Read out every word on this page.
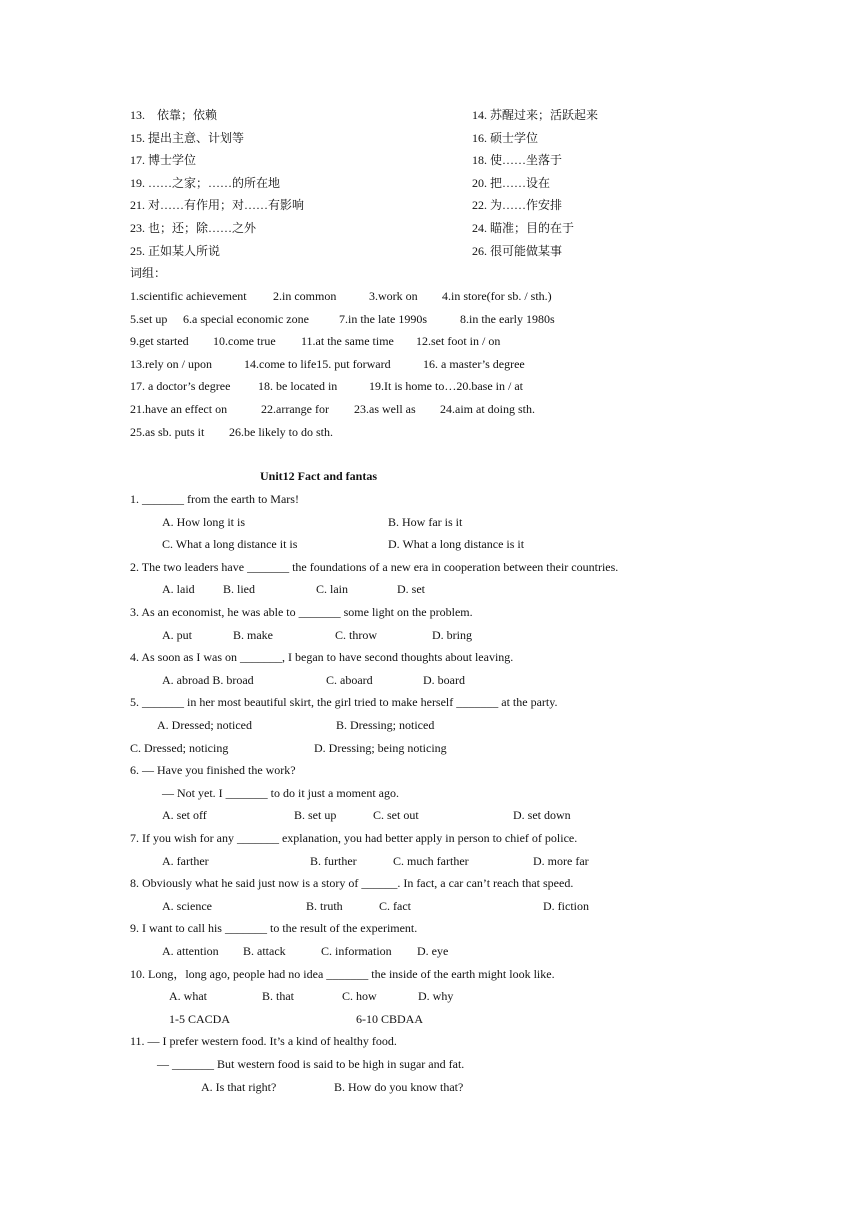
13.　依靠；依赖	14. 苏醒过来；活跃起来
15. 提出主意、计划等	16. 硕士学位
17. 博士学位	18. 使……坐落于
19. ……之家；……的所在地	20. 把……设在
21. 对……有作用；对……有影响	22. 为……作安排
23. 也；还；除……之外	24. 瞄准；目的在于
25. 正如某人所说	26. 很可能做某事
词组：
1.scientific achievement 2.in common	3.work on 4.in store(for sb. / sth.)
5.set up 6.a special economic zone	7.in the late 1990s	8.in the early 1980s
9.get started 10.come true 11.at the same time 12.set foot in / on
13.rely on / upon	14.come to life15. put forward	16. a master’s degree
17. a doctor’s degree 18. be located in	19.It is home to…20.base in / at
21.have an effect on	22.arrange for 23.as well as 24.aim at doing sth.
25.as sb. puts it 26.be likely to do sth.
Unit12 Fact and fantas
1. _______ from the earth to Mars!
A. How long it is	B. How far is it
C. What a long distance it is	D. What a long distance is it
2. The two leaders have _______ the foundations of a new era in cooperation between their countries.
A. laid B. lied	C. lain	D. set
3. As an economist, he was able to _______ some light on the problem.
A. put	B. make	C. throw	D. bring
4. As soon as I was on _______, I began to have second thoughts about leaving.
A. abroad B. broad	C. aboard	D. board
5. _______ in her most beautiful skirt, the girl tried to make herself _______ at the party.
A. Dressed; noticed	B. Dressing; noticed
C. Dressed; noticing	D. Dressing; being noticing
6. — Have you finished the work?
— Not yet. I _______ to do it just a moment ago.
A. set off	B. set up	C. set out	D. set down
7. If you wish for any _______ explanation, you had better apply in person to chief of police.
A. farther	B. further	C. much farther	D. more far
8. Obviously what he said just now is a story of ______. In fact, a car can’t reach that speed.
A. science	B. truth	C. fact	D. fiction
9. I want to call his _______ to the result of the experiment.
A. attention B. attack	C. information D. eye
10. Long，long ago, people had no idea _______ the inside of the earth might look like.
A. what	B. that	C. how	D. why
1-5 CACDA	6-10 CBDAA
11. — I prefer western food. It’s a kind of healthy food.
— _______ But western food is said to be high in sugar and fat.
A. Is that right?	B. How do you know that?
